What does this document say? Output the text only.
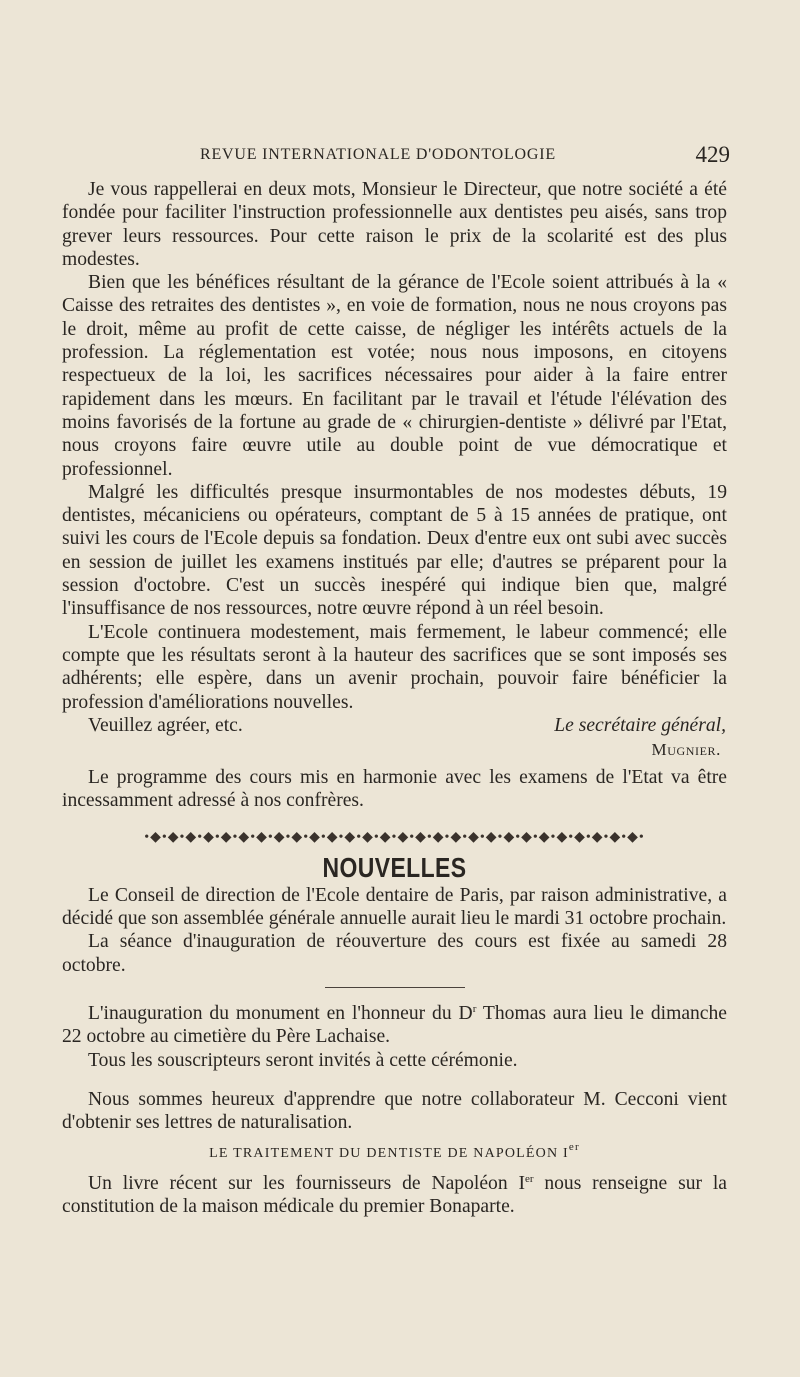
REVUE INTERNATIONALE D'ODONTOLOGIE	429

Je vous rappellerai en deux mots, Monsieur le Directeur, que notre société a été fondée pour faciliter l'instruction professionnelle aux dentistes peu aisés, sans trop grever leurs ressources. Pour cette raison le prix de la scolarité est des plus modestes.

Bien que les bénéfices résultant de la gérance de l'Ecole soient attribués à la « Caisse des retraites des dentistes », en voie de formation, nous ne nous croyons pas le droit, même au profit de cette caisse, de négliger les intérêts actuels de la profession. La réglementation est votée; nous nous imposons, en citoyens respectueux de la loi, les sacrifices nécessaires pour aider à la faire entrer rapidement dans les mœurs. En facilitant par le travail et l'étude l'élévation des moins favorisés de la fortune au grade de « chirurgien-dentiste » délivré par l'Etat, nous croyons faire œuvre utile au double point de vue démocratique et professionnel.

Malgré les difficultés presque insurmontables de nos modestes débuts, 19 dentistes, mécaniciens ou opérateurs, comptant de 5 à 15 années de pratique, ont suivi les cours de l'Ecole depuis sa fondation. Deux d'entre eux ont subi avec succès en session de juillet les examens institués par elle; d'autres se préparent pour la session d'octobre. C'est un succès inespéré qui indique bien que, malgré l'insuffisance de nos ressources, notre œuvre répond à un réel besoin.

L'Ecole continuera modestement, mais fermement, le labeur commencé; elle compte que les résultats seront à la hauteur des sacrifices que se sont imposés ses adhérents; elle espère, dans un avenir prochain, pouvoir faire bénéficier la profession d'améliorations nouvelles.

Veuillez agréer, etc.	Le secrétaire général,
Mugnier.

Le programme des cours mis en harmonie avec les examens de l'Etat va être incessamment adressé à nos confrères.

•◆•◆•◆•◆•◆•◆•◆•◆•◆•◆•◆•◆•◆•◆•◆•◆•◆•◆•◆•◆•◆•◆•◆•◆•◆•◆•◆•◆•
NOUVELLES

Le Conseil de direction de l'Ecole dentaire de Paris, par raison administrative, a décidé que son assemblée générale annuelle aurait lieu le mardi 31 octobre prochain.

La séance d'inauguration de réouverture des cours est fixée au samedi 28 octobre.

L'inauguration du monument en l'honneur du $D^r$ Thomas aura lieu le dimanche 22 octobre au cimetière du Père Lachaise.

Tous les souscripteurs seront invités à cette cérémonie.

Nous sommes heureux d'apprendre que notre collaborateur M. Cecconi vient d'obtenir ses lettres de naturalisation.

LE TRAITEMENT DU DENTISTE DE NAPOLÉON Ier

Un livre récent sur les fournisseurs de Napoléon Ier nous renseigne sur la constitution de la maison médicale du premier Bonaparte.
